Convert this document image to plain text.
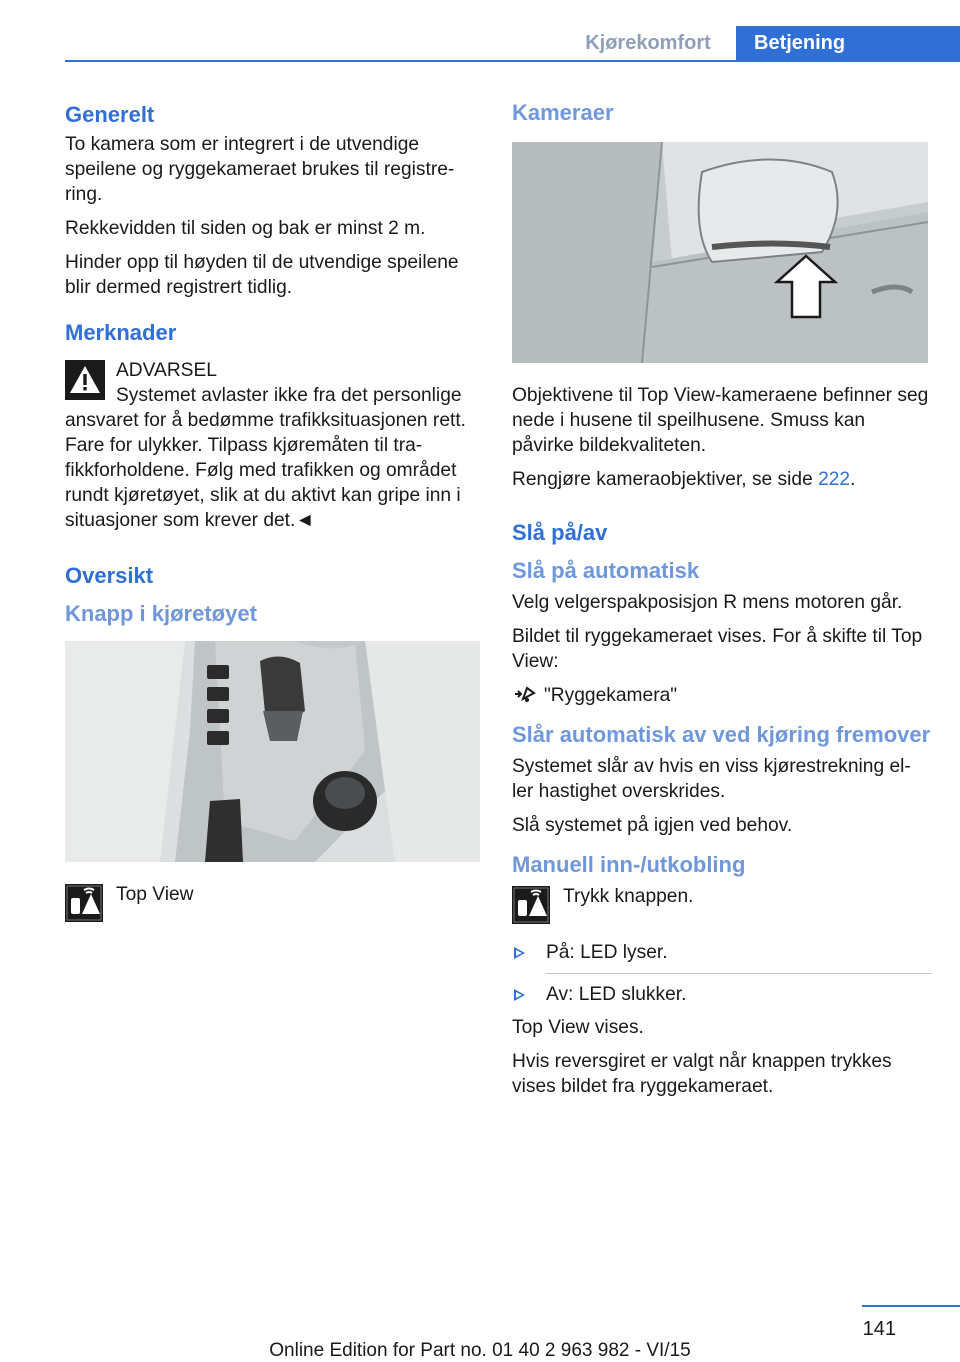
Kjørekomfort	Betjening
Generelt

To kamera som er integrert i de utvendige speilene og ryggekameraet brukes til registre-ring.

Rekkevidden til siden og bak er minst 2 m.

Hinder opp til høyden til de utvendige speilene blir dermed registrert tidlig.

Merknader

ADVARSEL

Systemet avlaster ikke fra det personlige

ansvaret for å bedømme trafikksituasjonen rett. Fare for ulykker. Tilpass kjøremåten til tra-fikkforholdene. Følg med trafikken og området rundt kjøretøyet, slik at du aktivt kan gripe inn i situasjoner som krever det.◄

Oversikt
Knapp i kjøretøyet
Top View
Kameraer

Objektivene til Top View-kameraene befinner seg nede i husene til speilhusene. Smuss kan påvirke bildekvaliteten.

Rengjøre kameraobjektiver, se side 222.

Slå på/av
Slå på automatisk

Velg velgerspakposisjon R mens motoren går.

Bildet til ryggekameraet vises. For å skifte til Top View:

"Ryggekamera"

Slår automatisk av ved kjøring fremover

Systemet slår av hvis en viss kjørestrekning el-ler hastighet overskrides.

Slå systemet på igjen ved behov.

Manuell inn-/utkobling
Trykk knappen.
På: LED lyser.
Av: LED slukker.

Top View vises.

Hvis reversgiret er valgt når knappen trykkes vises bildet fra ryggekameraet.

141
Online Edition for Part no. 01 40 2 963 982 - VI/15
